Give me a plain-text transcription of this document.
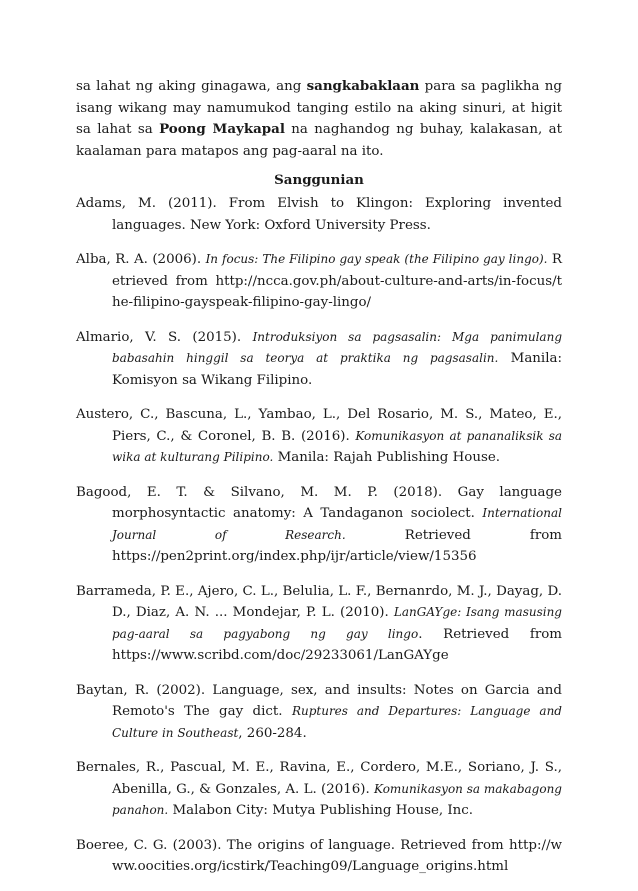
sa lahat ng aking ginagawa, ang sangkabaklaan para sa paglikha ng isang wikang may namumukod tanging estilo na aking sinuri, at higit sa lahat sa Poong Maykapal na naghandog ng buhay, kalakasan, at kaalaman para matapos ang pag-aaral na ito.

Sanggunian

Adams, M. (2011). From Elvish to Klingon: Exploring invented languages. New York: Oxford University Press.

Alba, R. A. (2006). In focus: The Filipino gay speak (the Filipino gay lingo). Retrieved from http://ncca.gov.ph/about-culture-and-arts/in-focus/the-filipino-gayspeak-filipino-gay-lingo/

Almario, V. S. (2015). Introduksiyon sa pagsasalin: Mga panimulang babasahin hinggil sa teorya at praktika ng pagsasalin. Manila: Komisyon sa Wikang Filipino.

Austero, C., Bascuna, L., Yambao, L., Del Rosario, M. S., Mateo, E., Piers, C., & Coronel, B. B. (2016). Komunikasyon at pananaliksik sa wika at kulturang Pilipino. Manila: Rajah Publishing House.

Bagood, E. T. & Silvano, M. M. P. (2018). Gay language morphosyntactic anatomy: A Tandaganon sociolect. International Journal of Research. Retrieved from https://pen2print.org/index.php/ijr/article/view/15356

Barrameda, P. E., Ajero, C. L., Belulia, L. F., Bernanrdo, M. J., Dayag, D. D., Diaz, A. N. ... Mondejar, P. L. (2010). LanGAYge: Isang masusing pag-aaral sa pagyabong ng gay lingo. Retrieved from https://www.scribd.com/doc/29233061/LanGAYge

Baytan, R. (2002). Language, sex, and insults: Notes on Garcia and Remoto's The gay dict. Ruptures and Departures: Language and Culture in Southeast, 260-284.

Bernales, R., Pascual, M. E., Ravina, E., Cordero, M.E., Soriano, J. S., Abenilla, G., & Gonzales, A. L. (2016). Komunikasyon sa makabagong panahon. Malabon City: Mutya Publishing House, Inc.

Boeree, C. G. (2003). The origins of language. Retrieved from http://www.oocities.org/icstirk/Teaching09/Language_origins.html
